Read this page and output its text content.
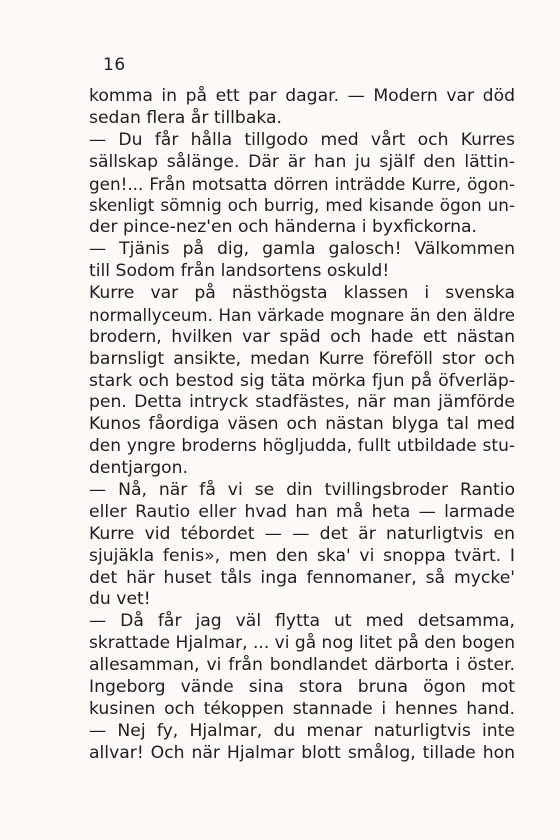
16
komma in på ett par dagar. — Modern var död
sedan flera år tillbaka.
— Du får hålla tillgodo med vårt och Kurres
sällskap sålänge. Där är han ju själf den lättin-
gen!... Från motsatta dörren inträdde Kurre, ögon-
skenligt sömnig och burrig, med kisande ögon un-
der pince-nez'en och händerna i byxfickorna.
— Tjänis på dig, gamla galosch! Välkommen
till Sodom från landsortens oskuld!
Kurre var på nästhögsta klassen i svenska
normallyceum. Han värkade mognare än den äldre
brodern, hvilken var späd och hade ett nästan
barnsligt ansikte, medan Kurre föreföll stor och
stark och bestod sig täta mörka fjun på öfverläp-
pen. Detta intryck stadfästes, när man jämförde
Kunos fåordiga väsen och nästan blyga tal med
den yngre broderns högljudda, fullt utbildade stu-
dentjargon.
— Nå, när få vi se din tvillingsbroder Rantio
eller Rautio eller hvad han må heta — larmade
Kurre vid tébordet — — det är naturligtvis en
sjujäkla fenis», men den ska' vi snoppa tvärt. I
det här huset tåls inga fennomaner, så mycke'
du vet!
— Då får jag väl flytta ut med detsamma,
skrattade Hjalmar, ... vi gå nog litet på den bogen
allesamman, vi från bondlandet därborta i öster.
Ingeborg vände sina stora bruna ögon mot
kusinen och tékoppen stannade i hennes hand.
— Nej fy, Hjalmar, du menar naturligtvis inte
allvar! Och när Hjalmar blott smålog, tillade hon
